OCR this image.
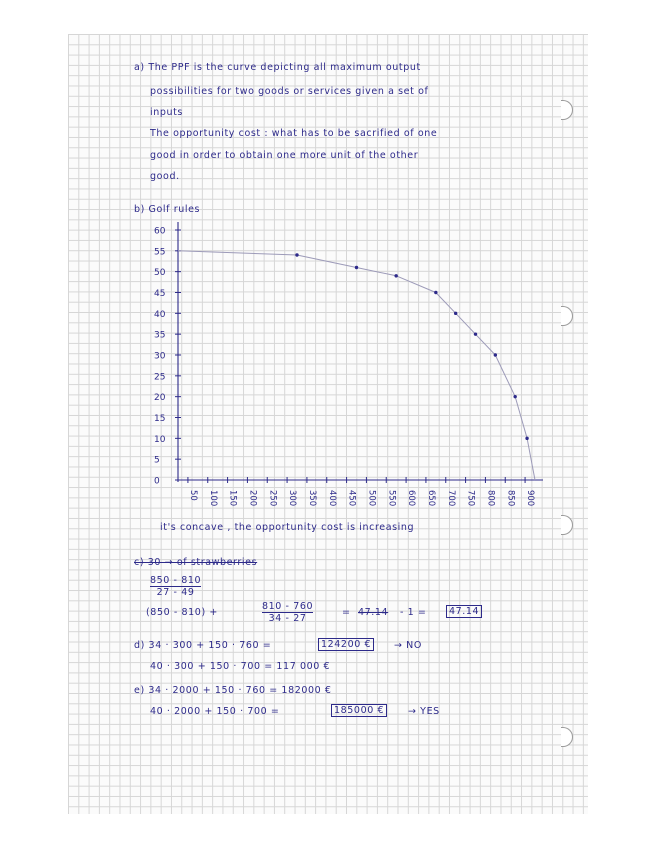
a) The PPF is the curve depicting all maximum output
possibilities for two goods or services given a set of
inputs
The opportunity cost : what has to be sacrified of one
good in order to obtain one more unit of the other
good.
b) Golf rules
0
5
10
15
20
25
30
35
40
45
50
55
60
50 100 150 200 250 300 350 400 450 500 550 600 650 700 750 800 850 900
it's concave , the opportunity cost is increasing
c) 30 → of strawberries
$\frac{850 - 810}{27 - 49}$
(850 - 810) +	$\frac{810 - 760}{34 - 27}$	= 47.14 - 1 =	47.14
d) 34 · 300 + 150 · 760 =	124200 €	→ NO
40 · 300 + 150 · 700 = 117 000 €
e) 34 · 2000 + 150 · 760 = 182000 €
40 · 2000 + 150 · 700 =	185000 €	→ YES
